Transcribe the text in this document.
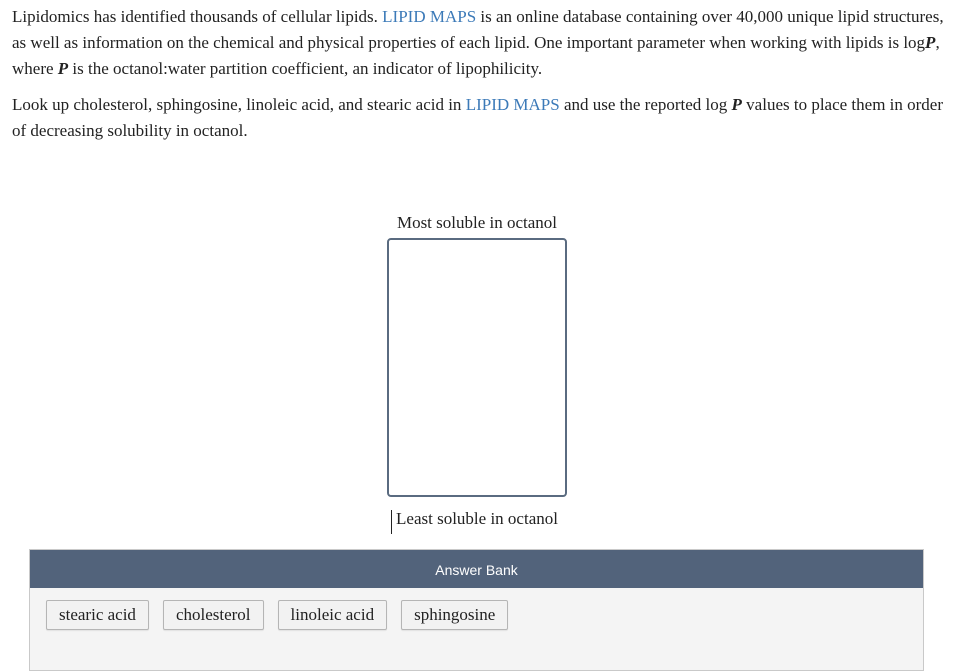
Lipidomics has identified thousands of cellular lipids. LIPID MAPS is an online database containing over 40,000 unique lipid structures, as well as information on the chemical and physical properties of each lipid. One important parameter when working with lipids is logP, where P is the octanol:water partition coefficient, an indicator of lipophilicity.

Look up cholesterol, sphingosine, linoleic acid, and stearic acid in LIPID MAPS and use the reported log P values to place them in order of decreasing solubility in octanol.

Most soluble in octanol
Least soluble in octanol
Answer Bank
stearic acid	cholesterol	linoleic acid	sphingosine
